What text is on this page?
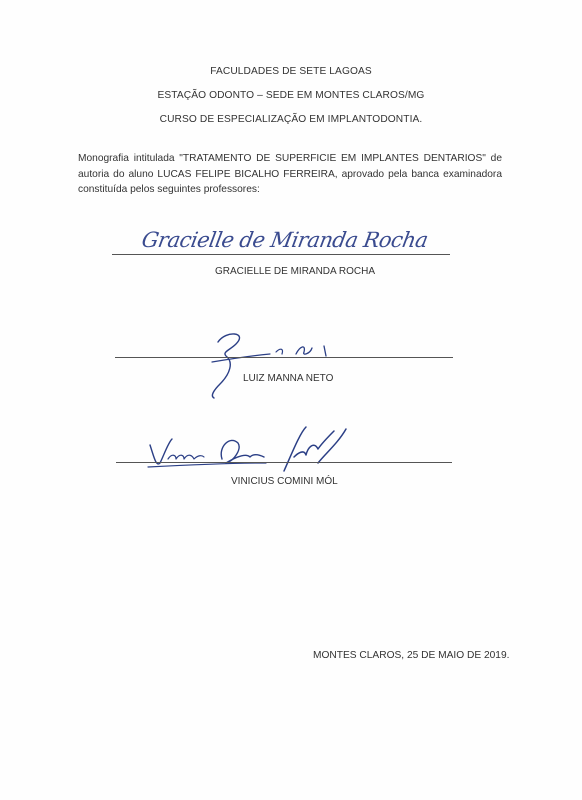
FACULDADES DE SETE LAGOAS
ESTAÇÃO ODONTO – SEDE EM MONTES CLAROS/MG
CURSO DE ESPECIALIZAÇÃO EM IMPLANTODONTIA.

Monografia intitulada "TRATAMENTO DE SUPERFICIE EM IMPLANTES DENTARIOS" de autoria do aluno LUCAS FELIPE BICALHO FERREIRA, aprovado pela banca examinadora constituída pelos seguintes professores:

Gracielle de Miranda Rocha
GRACIELLE DE MIRANDA ROCHA
LUIZ MANNA NETO
VINICIUS COMINI MÓL
MONTES CLAROS, 25 DE MAIO DE 2019.
